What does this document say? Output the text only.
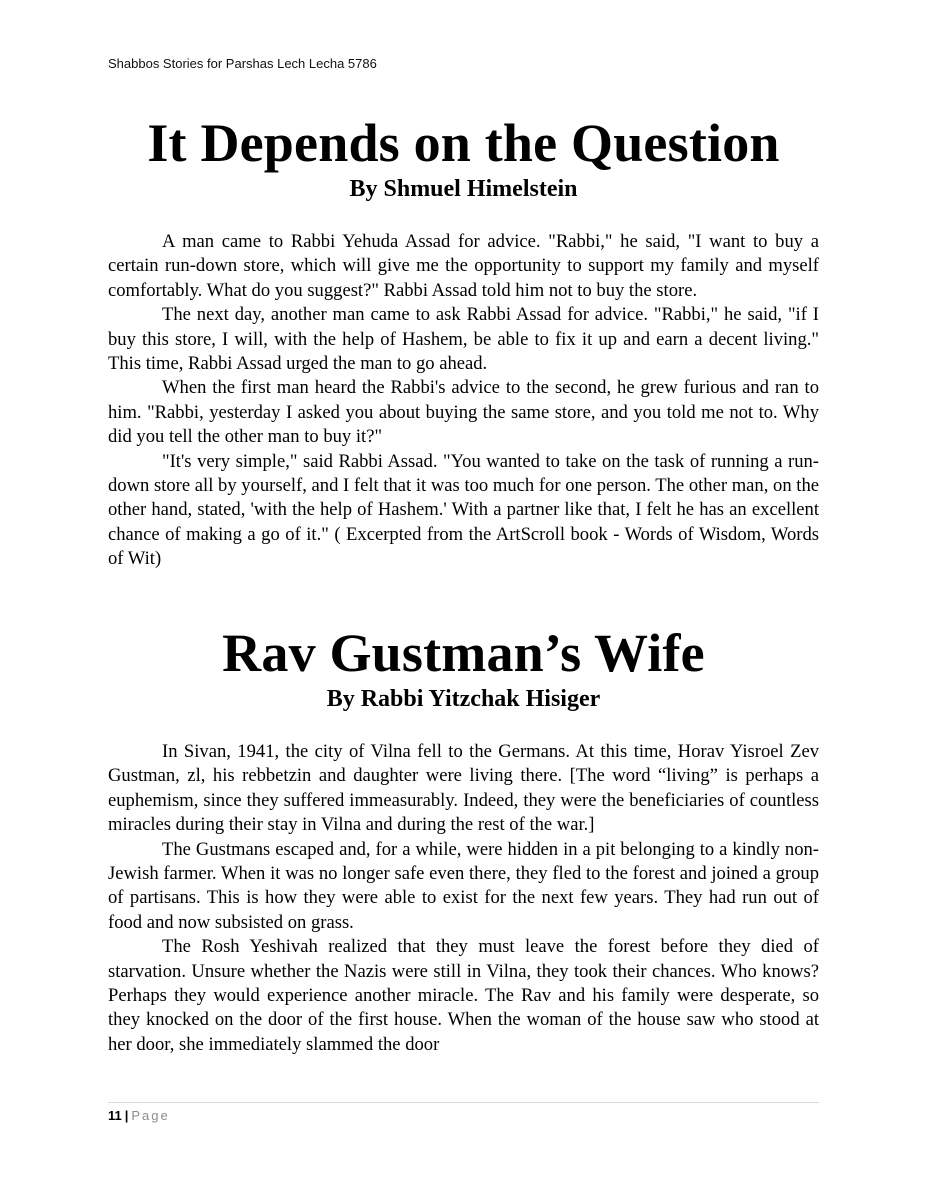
Shabbos Stories for Parshas Lech Lecha 5786
It Depends on the Question
By Shmuel Himelstein

A man came to Rabbi Yehuda Assad for advice. "Rabbi," he said, "I want to buy a certain run-down store, which will give me the opportunity to support my family and myself comfortably. What do you suggest?" Rabbi Assad told him not to buy the store.

The next day, another man came to ask Rabbi Assad for advice. "Rabbi," he said, "if I buy this store, I will, with the help of Hashem, be able to fix it up and earn a decent living." This time, Rabbi Assad urged the man to go ahead.

When the first man heard the Rabbi's advice to the second, he grew furious and ran to him. "Rabbi, yesterday I asked you about buying the same store, and you told me not to. Why did you tell the other man to buy it?"

"It's very simple," said Rabbi Assad. "You wanted to take on the task of running a run-down store all by yourself, and I felt that it was too much for one person. The other man, on the other hand, stated, 'with the help of Hashem.' With a partner like that, I felt he has an excellent chance of making a go of it." ( Excerpted from the ArtScroll book - Words of Wisdom, Words of Wit)

Rav Gustman’s Wife
By Rabbi Yitzchak Hisiger

In Sivan, 1941, the city of Vilna fell to the Germans. At this time, Horav Yisroel Zev Gustman, zl, his rebbetzin and daughter were living there. [The word “living” is perhaps a euphemism, since they suffered immeasurably. Indeed, they were the beneficiaries of countless miracles during their stay in Vilna and during the rest of the war.]

The Gustmans escaped and, for a while, were hidden in a pit belonging to a kindly non-Jewish farmer. When it was no longer safe even there, they fled to the forest and joined a group of partisans. This is how they were able to exist for the next few years. They had run out of food and now subsisted on grass.

The Rosh Yeshivah realized that they must leave the forest before they died of starvation. Unsure whether the Nazis were still in Vilna, they took their chances. Who knows? Perhaps they would experience another miracle. The Rav and his family were desperate, so they knocked on the door of the first house. When the woman of the house saw who stood at her door, she immediately slammed the door

11 | Page
